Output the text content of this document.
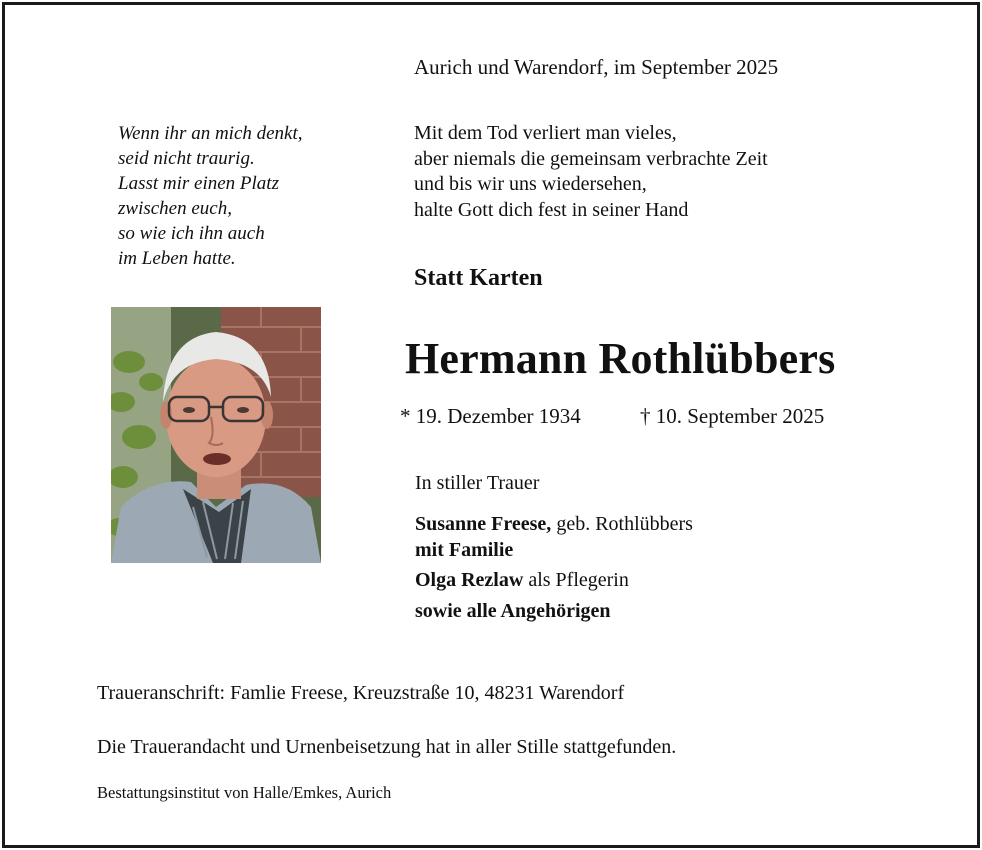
Aurich und Warendorf, im September 2025
Wenn ihr an mich denkt,
seid nicht traurig.
Lasst mir einen Platz
zwischen euch,
so wie ich ihn auch
im Leben hatte.
Mit dem Tod verliert man vieles,
aber niemals die gemeinsam verbrachte Zeit
und bis wir uns wiedersehen,
halte Gott dich fest in seiner Hand
Statt Karten
Hermann Rothlübbers
* 19. Dezember 1934	† 10. September 2025
In stiller Trauer
Susanne Freese, geb. Rothlübbers
mit Familie
Olga Rezlaw als Pflegerin
sowie alle Angehörigen
Traueranschrift: Famlie Freese, Kreuzstraße 10, 48231 Warendorf
Die Trauerandacht und Urnenbeisetzung hat in aller Stille stattgefunden.
Bestattungsinstitut von Halle/Emkes, Aurich
